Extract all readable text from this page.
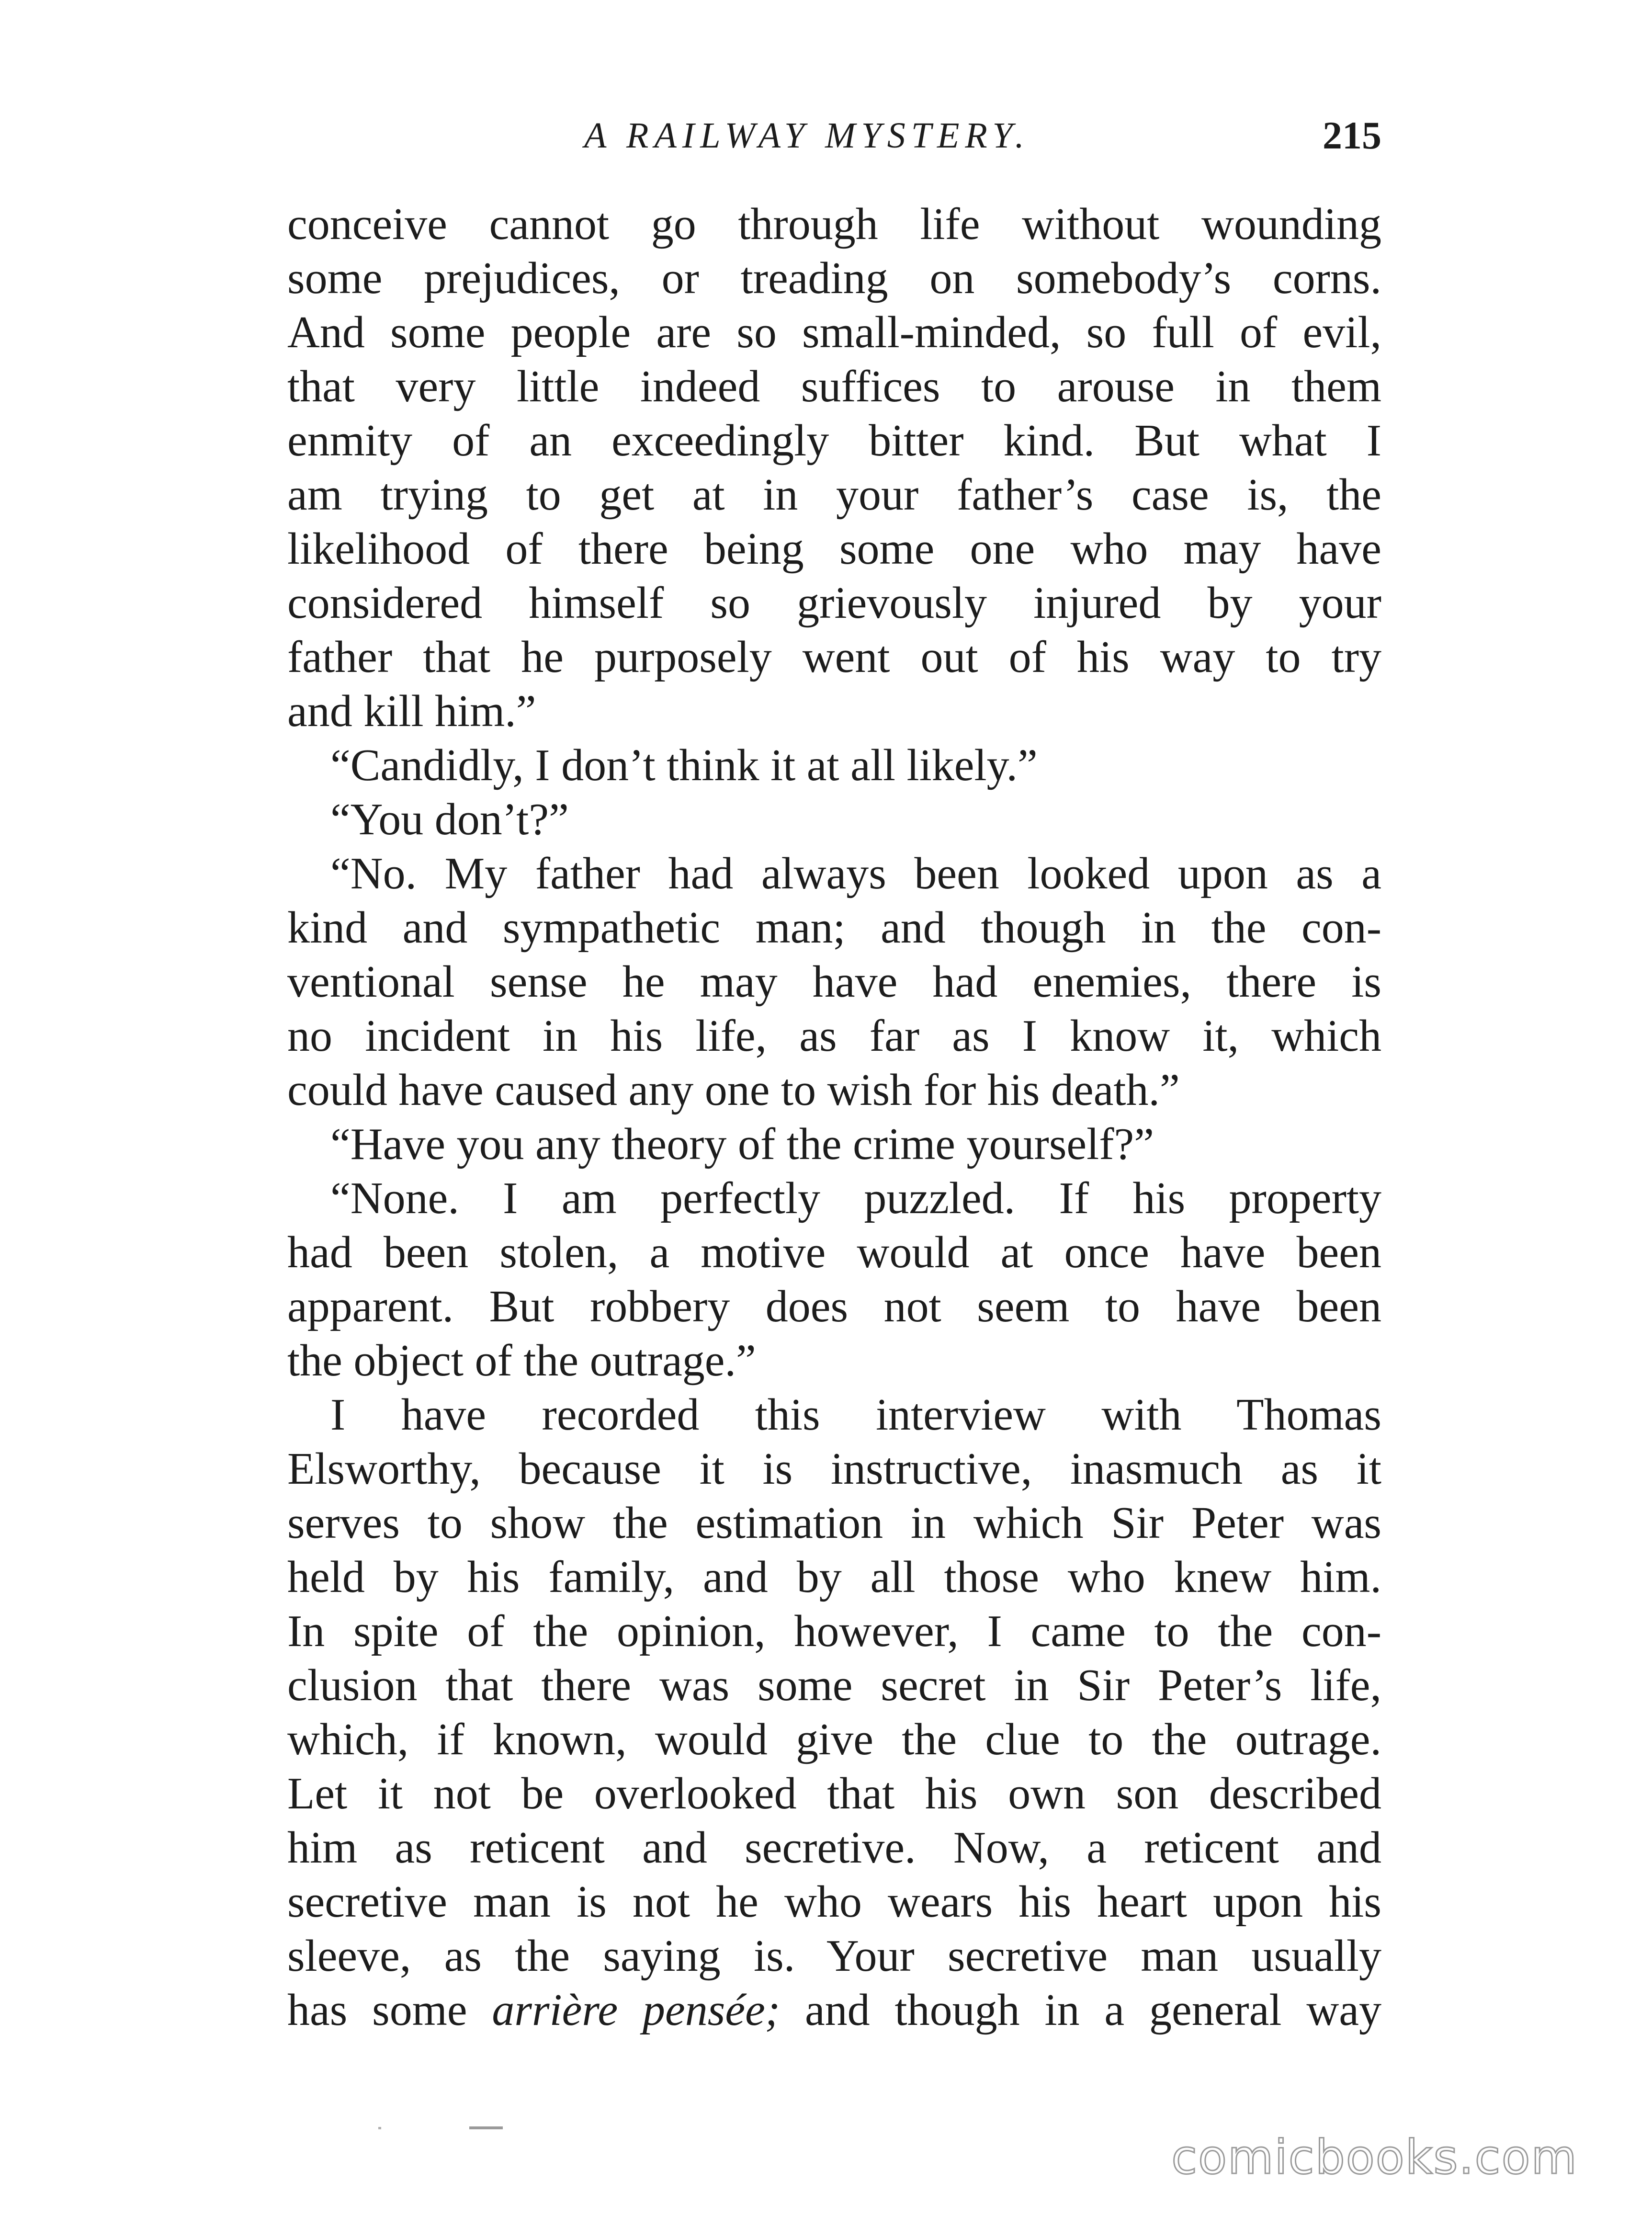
A RAILWAY MYSTERY.	215
conceive cannot go through life without wounding
some prejudices, or treading on somebody’s corns.
And some people are so small-minded, so full of evil,
that very little indeed suffices to arouse in them
enmity of an exceedingly bitter kind. But what I
am trying to get at in your father’s case is, the
likelihood of there being some one who may have
considered himself so grievously injured by your
father that he purposely went out of his way to try
and kill him.”
“Candidly, I don’t think it at all likely.”
“You don’t?”
“No. My father had always been looked upon as a
kind and sympathetic man; and though in the con-
ventional sense he may have had enemies, there is
no incident in his life, as far as I know it, which
could have caused any one to wish for his death.”
“Have you any theory of the crime yourself?”
“None. I am perfectly puzzled. If his property
had been stolen, a motive would at once have been
apparent. But robbery does not seem to have been
the object of the outrage.”
I have recorded this interview with Thomas
Elsworthy, because it is instructive, inasmuch as it
serves to show the estimation in which Sir Peter was
held by his family, and by all those who knew him.
In spite of the opinion, however, I came to the con-
clusion that there was some secret in Sir Peter’s life,
which, if known, would give the clue to the outrage.
Let it not be overlooked that his own son described
him as reticent and secretive. Now, a reticent and
secretive man is not he who wears his heart upon his
sleeve, as the saying is. Your secretive man usually
has some arrière pensée; and though in a general way
comicbooks.com
